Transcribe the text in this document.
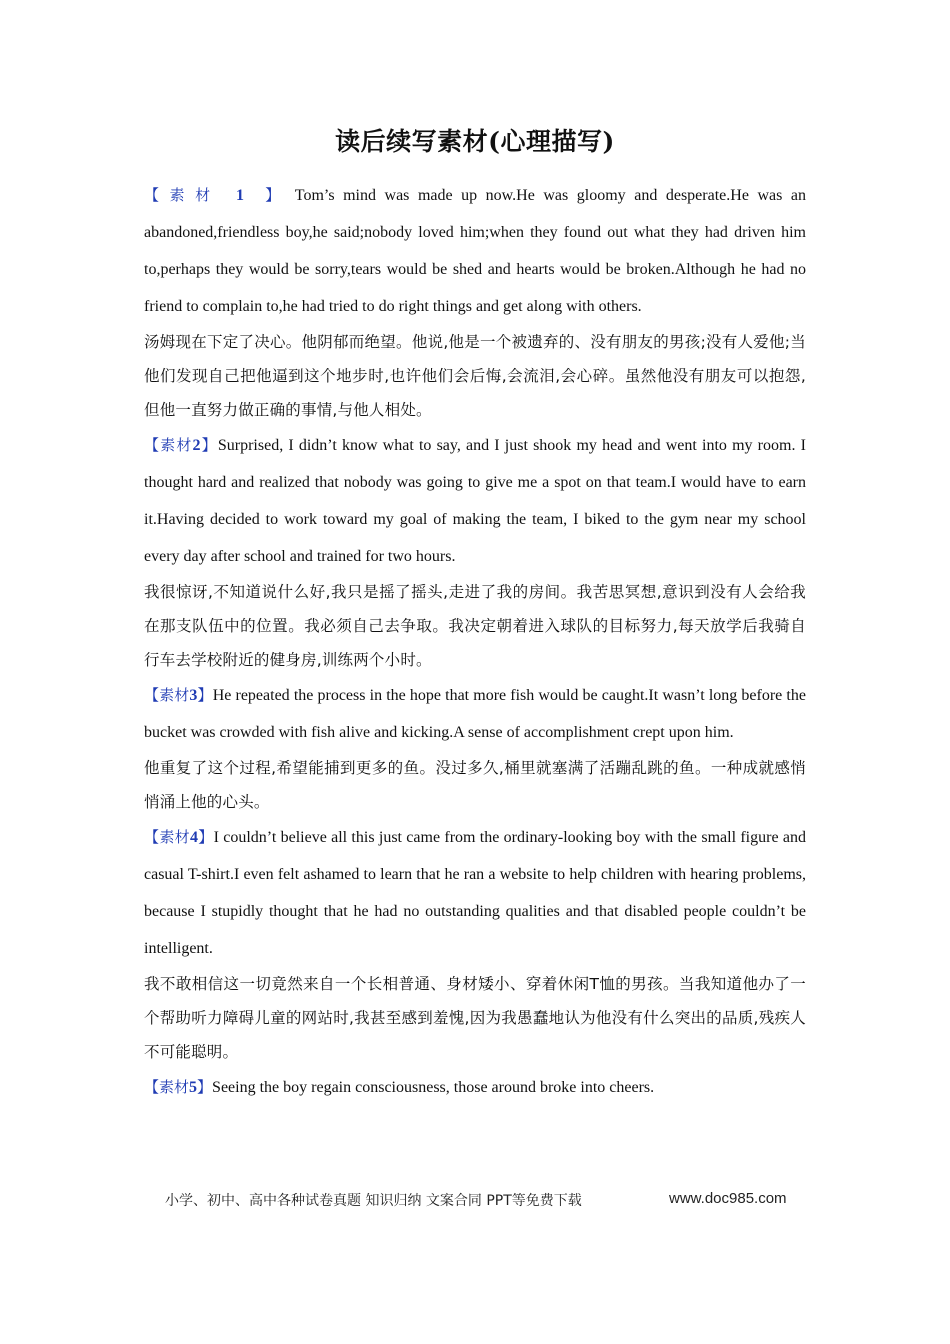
读后续写素材(心理描写)

【素材 1 】 Tom’s mind was made up now.He was gloomy and desperate.He was an abandoned,friendless boy,he said;nobody loved him;when they found out what they had driven him to,perhaps they would be sorry,tears would be shed and hearts would be broken.Although he had no friend to complain to,he had tried to do right things and get along with others.

汤姆现在下定了决心。他阴郁而绝望。他说,他是一个被遗弃的、没有朋友的男孩;没有人爱他;当他们发现自己把他逼到这个地步时,也许他们会后悔,会流泪,会心碎。虽然他没有朋友可以抱怨,但他一直努力做正确的事情,与他人相处。

【素材2】Surprised, I didn’t know what to say, and I just shook my head and went into my room. I thought hard and realized that nobody was going to give me a spot on that team.I would have to earn it.Having decided to work toward my goal of making the team, I biked to the gym near my school every day after school and trained for two hours.

我很惊讶,不知道说什么好,我只是摇了摇头,走进了我的房间。我苦思冥想,意识到没有人会给我在那支队伍中的位置。我必须自己去争取。我决定朝着进入球队的目标努力,每天放学后我骑自行车去学校附近的健身房,训练两个小时。

【素材3】He repeated the process in the hope that more fish would be caught.It wasn’t long before the bucket was crowded with fish alive and kicking.A sense of accomplishment crept upon him.

他重复了这个过程,希望能捕到更多的鱼。没过多久,桶里就塞满了活蹦乱跳的鱼。一种成就感悄悄涌上他的心头。

【素材4】I couldn’t believe all this just came from the ordinary-looking boy with the small figure and casual T-shirt.I even felt ashamed to learn that he ran a website to help children with hearing problems, because I stupidly thought that he had no outstanding qualities and that disabled people couldn’t be intelligent.

我不敢相信这一切竟然来自一个长相普通、身材矮小、穿着休闲T恤的男孩。当我知道他办了一个帮助听力障碍儿童的网站时,我甚至感到羞愧,因为我愚蠢地认为他没有什么突出的品质,残疾人不可能聪明。

【素材5】Seeing the boy regain consciousness, those around broke into cheers.

小学、初中、高中各种试卷真题 知识归纳 文案合同 PPT等免费下载	www.doc985.com
